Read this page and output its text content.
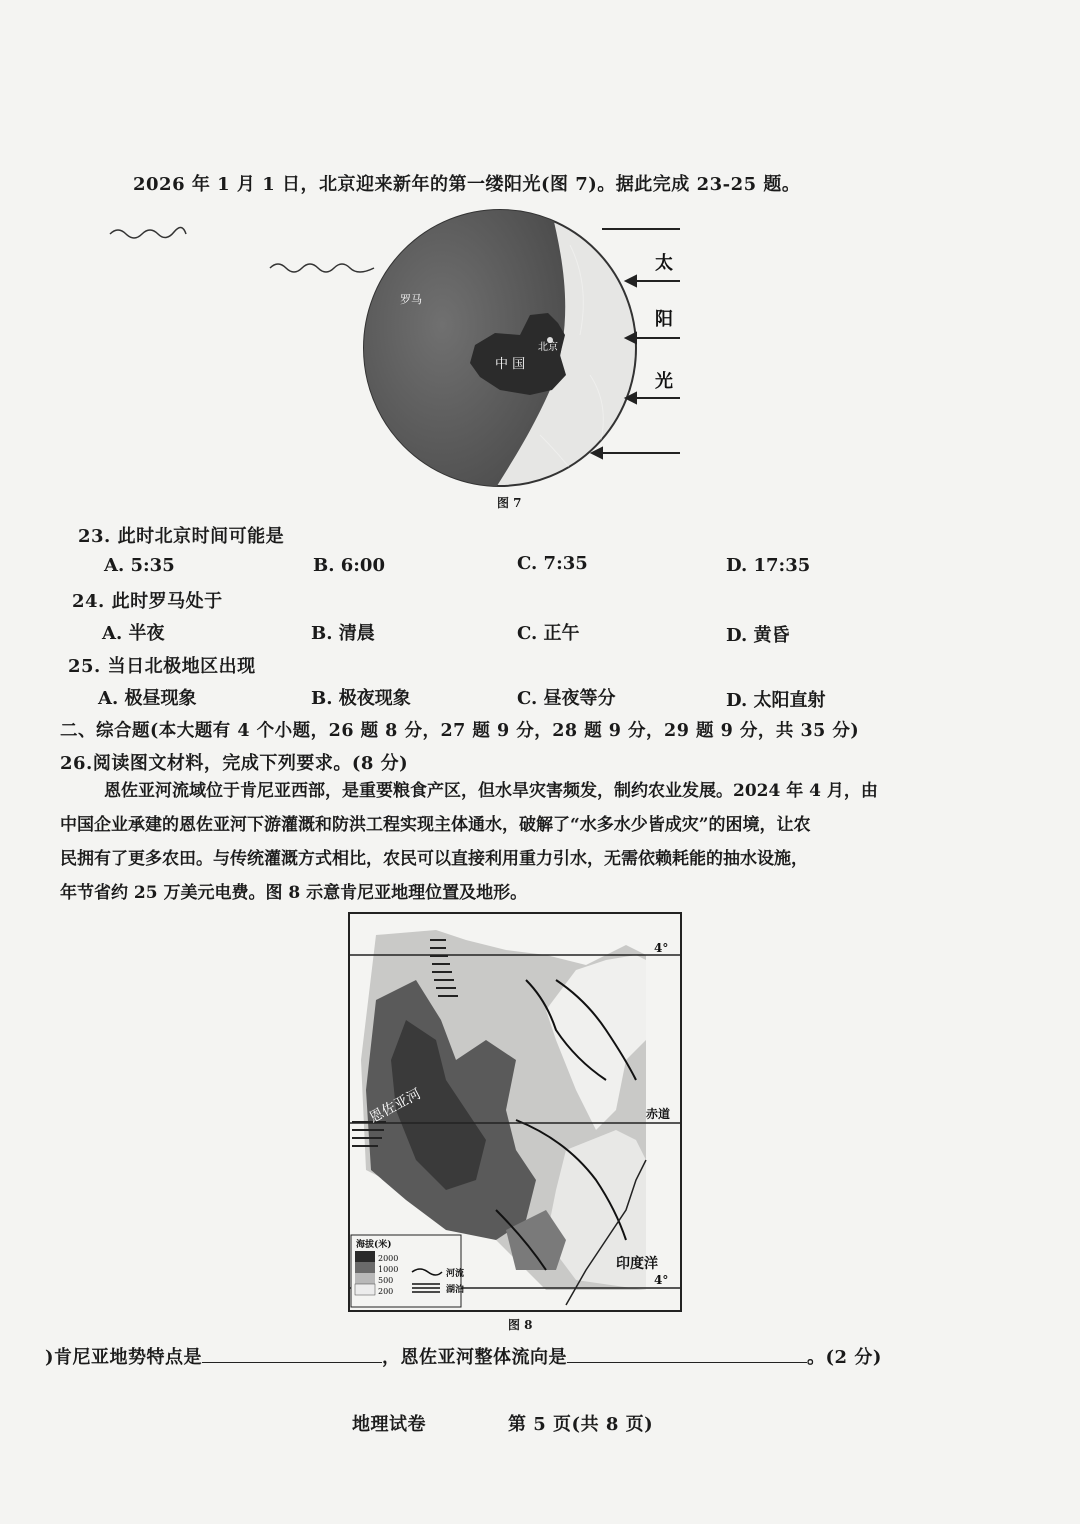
2026 年 1 月 1 日，北京迎来新年的第一缕阳光(图 7)。据此完成 23-25 题。
罗马
北京
中 国
太
阳
光
图 7
23. 此时北京时间可能是
A. 5:35	B. 6:00	C. 7:35	D. 17:35
24. 此时罗马处于
A. 半夜	B. 清晨	C. 正午	D. 黄昏
25. 当日北极地区出现
A. 极昼现象	B. 极夜现象	C. 昼夜等分	D. 太阳直射
二、综合题(本大题有 4 个小题，26 题 8 分，27 题 9 分，28 题 9 分，29 题 9 分，共 35 分)
26.阅读图文材料，完成下列要求。(8 分)
恩佐亚河流域位于肯尼亚西部，是重要粮食产区，但水旱灾害频发，制约农业发展。2024 年 4 月，由
中国企业承建的恩佐亚河下游灌溉和防洪工程实现主体通水，破解了“水多水少皆成灾”的困境，让农
民拥有了更多农田。与传统灌溉方式相比，农民可以直接利用重力引水，无需依赖耗能的抽水设施，
年节省约 25 万美元电费。图 8 示意肯尼亚地理位置及地形。
4°
赤道
4°
印度洋
恩佐亚河
海拔(米)
2000
1000
500
200
河流
湖泊
图 8
)肯尼亚地势特点是	，恩佐亚河整体流向是	。(2 分)
地理试卷	第 5 页(共 8 页)
